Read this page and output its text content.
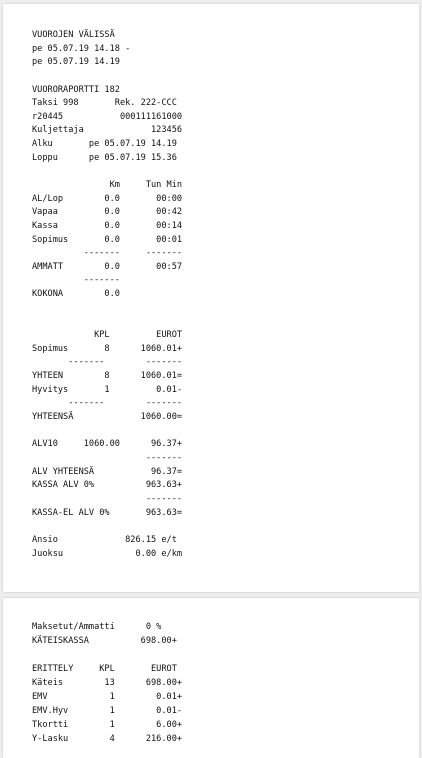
VUOROJEN VÄLISSÄ
pe 05.07.19 14.18 -
pe 05.07.19 14.19
VUORORAPORTTI 182
Taksi 998       Rek. 222-CCC
r20445           000111161000
Kuljettaja             123456
Alku       pe 05.07.19 14.19
Loppu      pe 05.07.19 15.36
Km     Tun Min
AL/Lop        0.0       00:00
Vapaa         0.0       00:42
Kassa         0.0       00:14
Sopimus       0.0       00:01
-------     -------
AMMATT        0.0       00:57
-------
KOKONA        0.0
KPL         EUROT
Sopimus       8      1060.01+
-------        -------
YHTEEN        8      1060.01=
Hyvitys       1         0.01-
-------        -------
YHTEENSÄ             1060.00=
ALV10     1060.00      96.37+
-------
ALV YHTEENSÄ           96.37=
KASSA ALV 0%          963.63+
-------
KASSA-EL ALV 0%       963.63=
Ansio             826.15 e/t
Juoksu              0.00 e/km
Maksetut/Ammatti      0 %
KÄTEISKASSA          698.00+
ERITTELY     KPL       EUROT
Käteis        13      698.00+
EMV            1        0.01+
EMV.Hyv        1        0.01-
Tkortti        1        6.00+
Y-Lasku        4      216.00+
